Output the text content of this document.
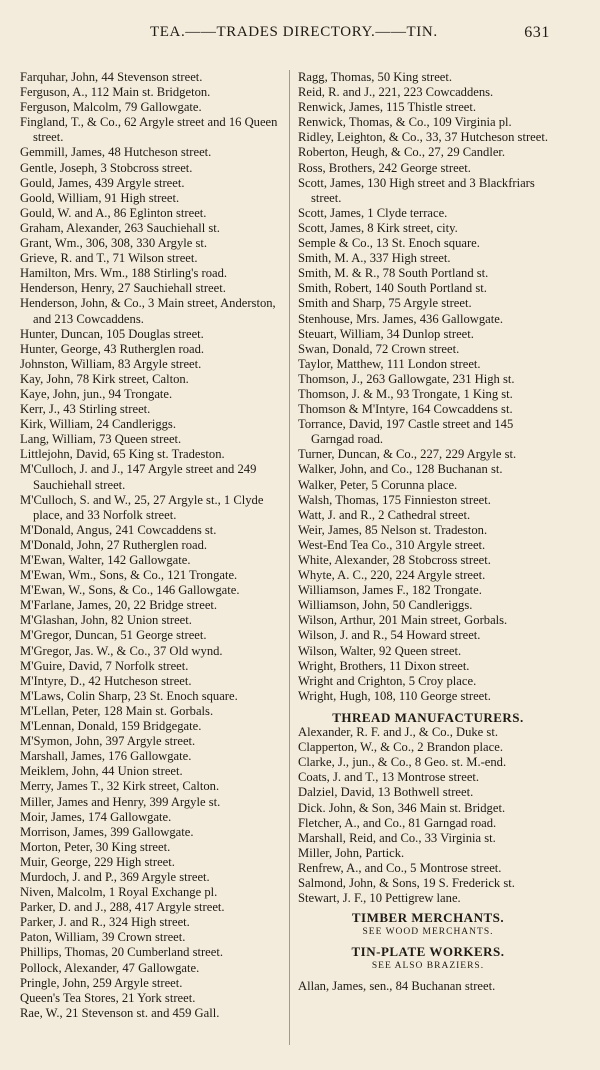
TEA.——TRADES DIRECTORY.——TIN.	631
Farquhar, John, 44 Stevenson street.
Ferguson, A., 112 Main st. Bridgeton.
Ferguson, Malcolm, 79 Gallowgate.
Fingland, T., & Co., 62 Argyle street and 16 Queen street.
Gemmill, James, 48 Hutcheson street.
Gentle, Joseph, 3 Stobcross street.
Gould, James, 439 Argyle street.
Goold, William, 91 High street.
Gould, W. and A., 86 Eglinton street.
Graham, Alexander, 263 Sauchiehall st.
Grant, Wm., 306, 308, 330 Argyle st.
Grieve, R. and T., 71 Wilson street.
Hamilton, Mrs. Wm., 188 Stirling's road.
Henderson, Henry, 27 Sauchiehall street.
Henderson, John, & Co., 3 Main street, Anderston, and 213 Cowcaddens.
Hunter, Duncan, 105 Douglas street.
Hunter, George, 43 Rutherglen road.
Johnston, William, 83 Argyle street.
Kay, John, 78 Kirk street, Calton.
Kaye, John, jun., 94 Trongate.
Kerr, J., 43 Stirling street.
Kirk, William, 24 Candleriggs.
Lang, William, 73 Queen street.
Littlejohn, David, 65 King st. Tradeston.
M'Culloch, J. and J., 147 Argyle street and 249 Sauchiehall street.
M'Culloch, S. and W., 25, 27 Argyle st., 1 Clyde place, and 33 Norfolk street.
M'Donald, Angus, 241 Cowcaddens st.
M'Donald, John, 27 Rutherglen road.
M'Ewan, Walter, 142 Gallowgate.
M'Ewan, Wm., Sons, & Co., 121 Trongate.
M'Ewan, W., Sons, & Co., 146 Gallowgate.
M'Farlane, James, 20, 22 Bridge street.
M'Glashan, John, 82 Union street.
M'Gregor, Duncan, 51 George street.
M'Gregor, Jas. W., & Co., 37 Old wynd.
M'Guire, David, 7 Norfolk street.
M'Intyre, D., 42 Hutcheson street.
M'Laws, Colin Sharp, 23 St. Enoch square.
M'Lellan, Peter, 128 Main st. Gorbals.
M'Lennan, Donald, 159 Bridgegate.
M'Symon, John, 397 Argyle street.
Marshall, James, 176 Gallowgate.
Meiklem, John, 44 Union street.
Merry, James T., 32 Kirk street, Calton.
Miller, James and Henry, 399 Argyle st.
Moir, James, 174 Gallowgate.
Morrison, James, 399 Gallowgate.
Morton, Peter, 30 King street.
Muir, George, 229 High street.
Murdoch, J. and P., 369 Argyle street.
Niven, Malcolm, 1 Royal Exchange pl.
Parker, D. and J., 288, 417 Argyle street.
Parker, J. and R., 324 High street.
Paton, William, 39 Crown street.
Phillips, Thomas, 20 Cumberland street.
Pollock, Alexander, 47 Gallowgate.
Pringle, John, 259 Argyle street.
Queen's Tea Stores, 21 York street.
Rae, W., 21 Stevenson st. and 459 Gall.
Ragg, Thomas, 50 King street.
Reid, R. and J., 221, 223 Cowcaddens.
Renwick, James, 115 Thistle street.
Renwick, Thomas, & Co., 109 Virginia pl.
Ridley, Leighton, & Co., 33, 37 Hutcheson street.
Roberton, Heugh, & Co., 27, 29 Candler.
Ross, Brothers, 242 George street.
Scott, James, 130 High street and 3 Blackfriars street.
Scott, James, 1 Clyde terrace.
Scott, James, 8 Kirk street, city.
Semple & Co., 13 St. Enoch square.
Smith, M. A., 337 High street.
Smith, M. & R., 78 South Portland st.
Smith, Robert, 140 South Portland st.
Smith and Sharp, 75 Argyle street.
Stenhouse, Mrs. James, 436 Gallowgate.
Steuart, William, 34 Dunlop street.
Swan, Donald, 72 Crown street.
Taylor, Matthew, 111 London street.
Thomson, J., 263 Gallowgate, 231 High st.
Thomson, J. & M., 93 Trongate, 1 King st.
Thomson & M'Intyre, 164 Cowcaddens st.
Torrance, David, 197 Castle street and 145 Garngad road.
Turner, Duncan, & Co., 227, 229 Argyle st.
Walker, John, and Co., 128 Buchanan st.
Walker, Peter, 5 Corunna place.
Walsh, Thomas, 175 Finnieston street.
Watt, J. and R., 2 Cathedral street.
Weir, James, 85 Nelson st. Tradeston.
West-End Tea Co., 310 Argyle street.
White, Alexander, 28 Stobcross street.
Whyte, A. C., 220, 224 Argyle street.
Williamson, James F., 182 Trongate.
Williamson, John, 50 Candleriggs.
Wilson, Arthur, 201 Main street, Gorbals.
Wilson, J. and R., 54 Howard street.
Wilson, Walter, 92 Queen street.
Wright, Brothers, 11 Dixon street.
Wright and Crighton, 5 Croy place.
Wright, Hugh, 108, 110 George street.
THREAD MANUFACTURERS.
Alexander, R. F. and J., & Co., Duke st.
Clapperton, W., & Co., 2 Brandon place.
Clarke, J., jun., & Co., 8 Geo. st. M.-end.
Coats, J. and T., 13 Montrose street.
Dalziel, David, 13 Bothwell street.
Dick. John, & Son, 346 Main st. Bridget.
Fletcher, A., and Co., 81 Garngad road.
Marshall, Reid, and Co., 33 Virginia st.
Miller, John, Partick.
Renfrew, A., and Co., 5 Montrose street.
Salmond, John, & Sons, 19 S. Frederick st.
Stewart, J. F., 10 Pettigrew lane.
TIMBER MERCHANTS.
SEE WOOD MERCHANTS.
TIN-PLATE WORKERS.
SEE ALSO BRAZIERS.
Allan, James, sen., 84 Buchanan street.
